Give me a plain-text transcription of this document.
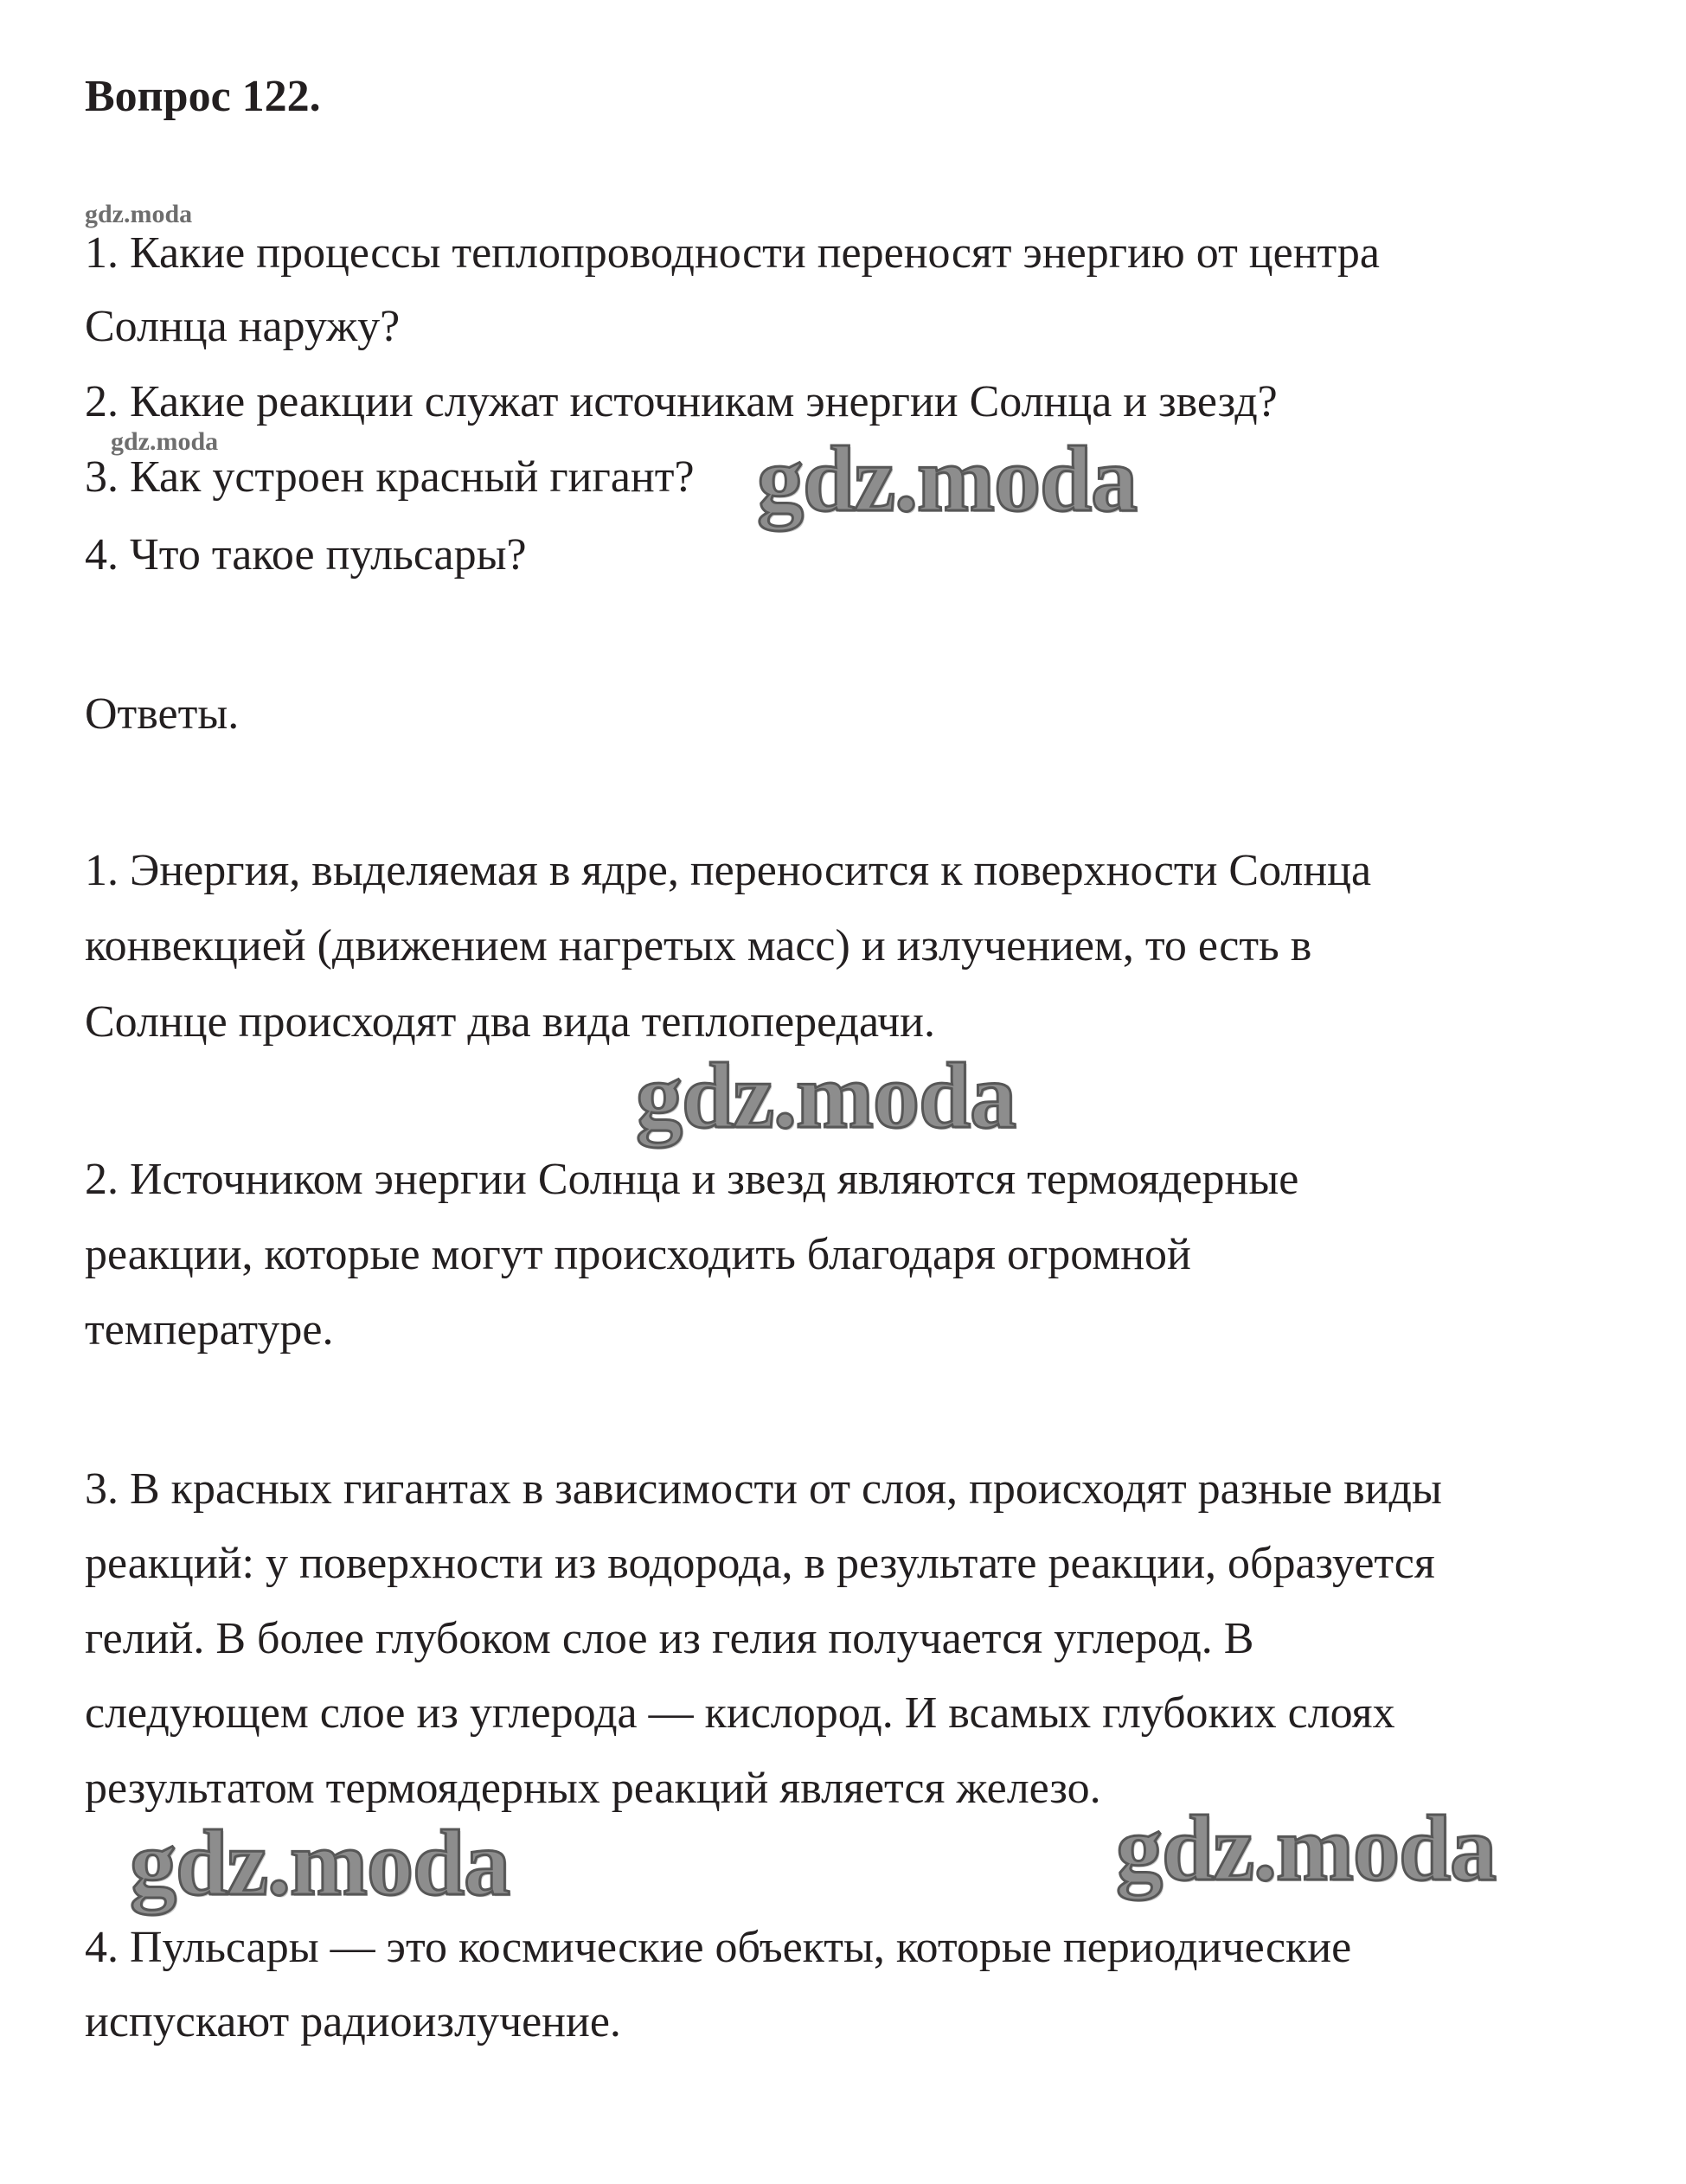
Вопрос 122.
gdz.moda
1. Какие процессы теплопроводности переносят энергию от центра
Солнца наружу?
2. Какие реакции служат источникам энергии Солнца и звезд?
gdz.moda
3. Как устроен красный гигант? gdz.moda
4. Что такое пульсары?
Ответы.
1. Энергия, выделяемая в ядре, переносится к поверхности Солнца
конвекцией (движением нагретых масс) и излучением, то есть в
Солнце происходят два вида теплопередачи.
gdz.moda
2. Источником энергии Солнца и звезд являются термоядерные
реакции, которые могут происходить благодаря огромной
температуре.
3. В красных гигантах в зависимости от слоя, происходят разные виды
реакций: у поверхности из водорода, в результате реакции, образуется
гелий. В более глубоком слое из гелия получается углерод. В
следующем слое из углерода — кислород. И всамых глубоких слоях
результатом термоядерных реакций является железо.
gdz.moda	gdz.moda
4. Пульсары — это космические объекты, которые периодические
испускают радиоизлучение.
